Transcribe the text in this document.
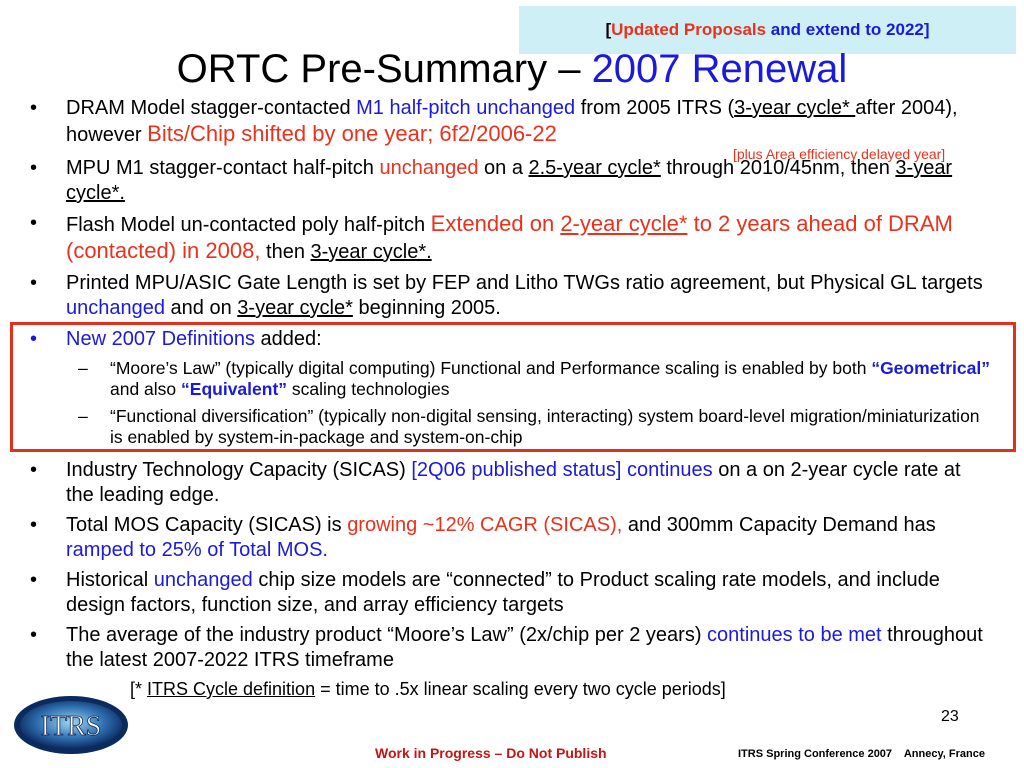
[Updated Proposals and extend to 2022]
ORTC Pre-Summary – 2007 Renewal
• DRAM Model stagger-contacted M1 half-pitch unchanged from 2005 ITRS (3-year cycle* after 2004), however Bits/Chip shifted by one year; 6f2/2006-22
[plus Area efficiency delayed year]
• MPU M1 stagger-contact half-pitch unchanged on a 2.5-year cycle* through 2010/45nm, then 3-year cycle*.
• Flash Model un-contacted poly half-pitch Extended on 2-year cycle* to 2 years ahead of DRAM (contacted) in 2008, then 3-year cycle*.
• Printed MPU/ASIC Gate Length is set by FEP and Litho TWGs ratio agreement, but Physical GL targets unchanged and on 3-year cycle* beginning 2005.
• New 2007 Definitions added:
– “Moore’s Law” (typically digital computing) Functional and Performance scaling is enabled by both “Geometrical” and also “Equivalent” scaling technologies
– “Functional diversification” (typically non-digital sensing, interacting) system board-level migration/miniaturization is enabled by system-in-package and system-on-chip
• Industry Technology Capacity (SICAS) [2Q06 published status] continues on a on 2-year cycle rate at the leading edge.
• Total MOS Capacity (SICAS) is growing ~12% CAGR (SICAS), and 300mm Capacity Demand has ramped to 25% of Total MOS.
• Historical unchanged chip size models are “connected” to Product scaling rate models, and include design factors, function size, and array efficiency targets
• The average of the industry product “Moore’s Law” (2x/chip per 2 years) continues to be met throughout the latest 2007-2022 ITRS timeframe
[* ITRS Cycle definition = time to .5x linear scaling every two cycle periods]
ITRS	23
Work in Progress – Do Not Publish	ITRS Spring Conference 2007    Annecy, France
